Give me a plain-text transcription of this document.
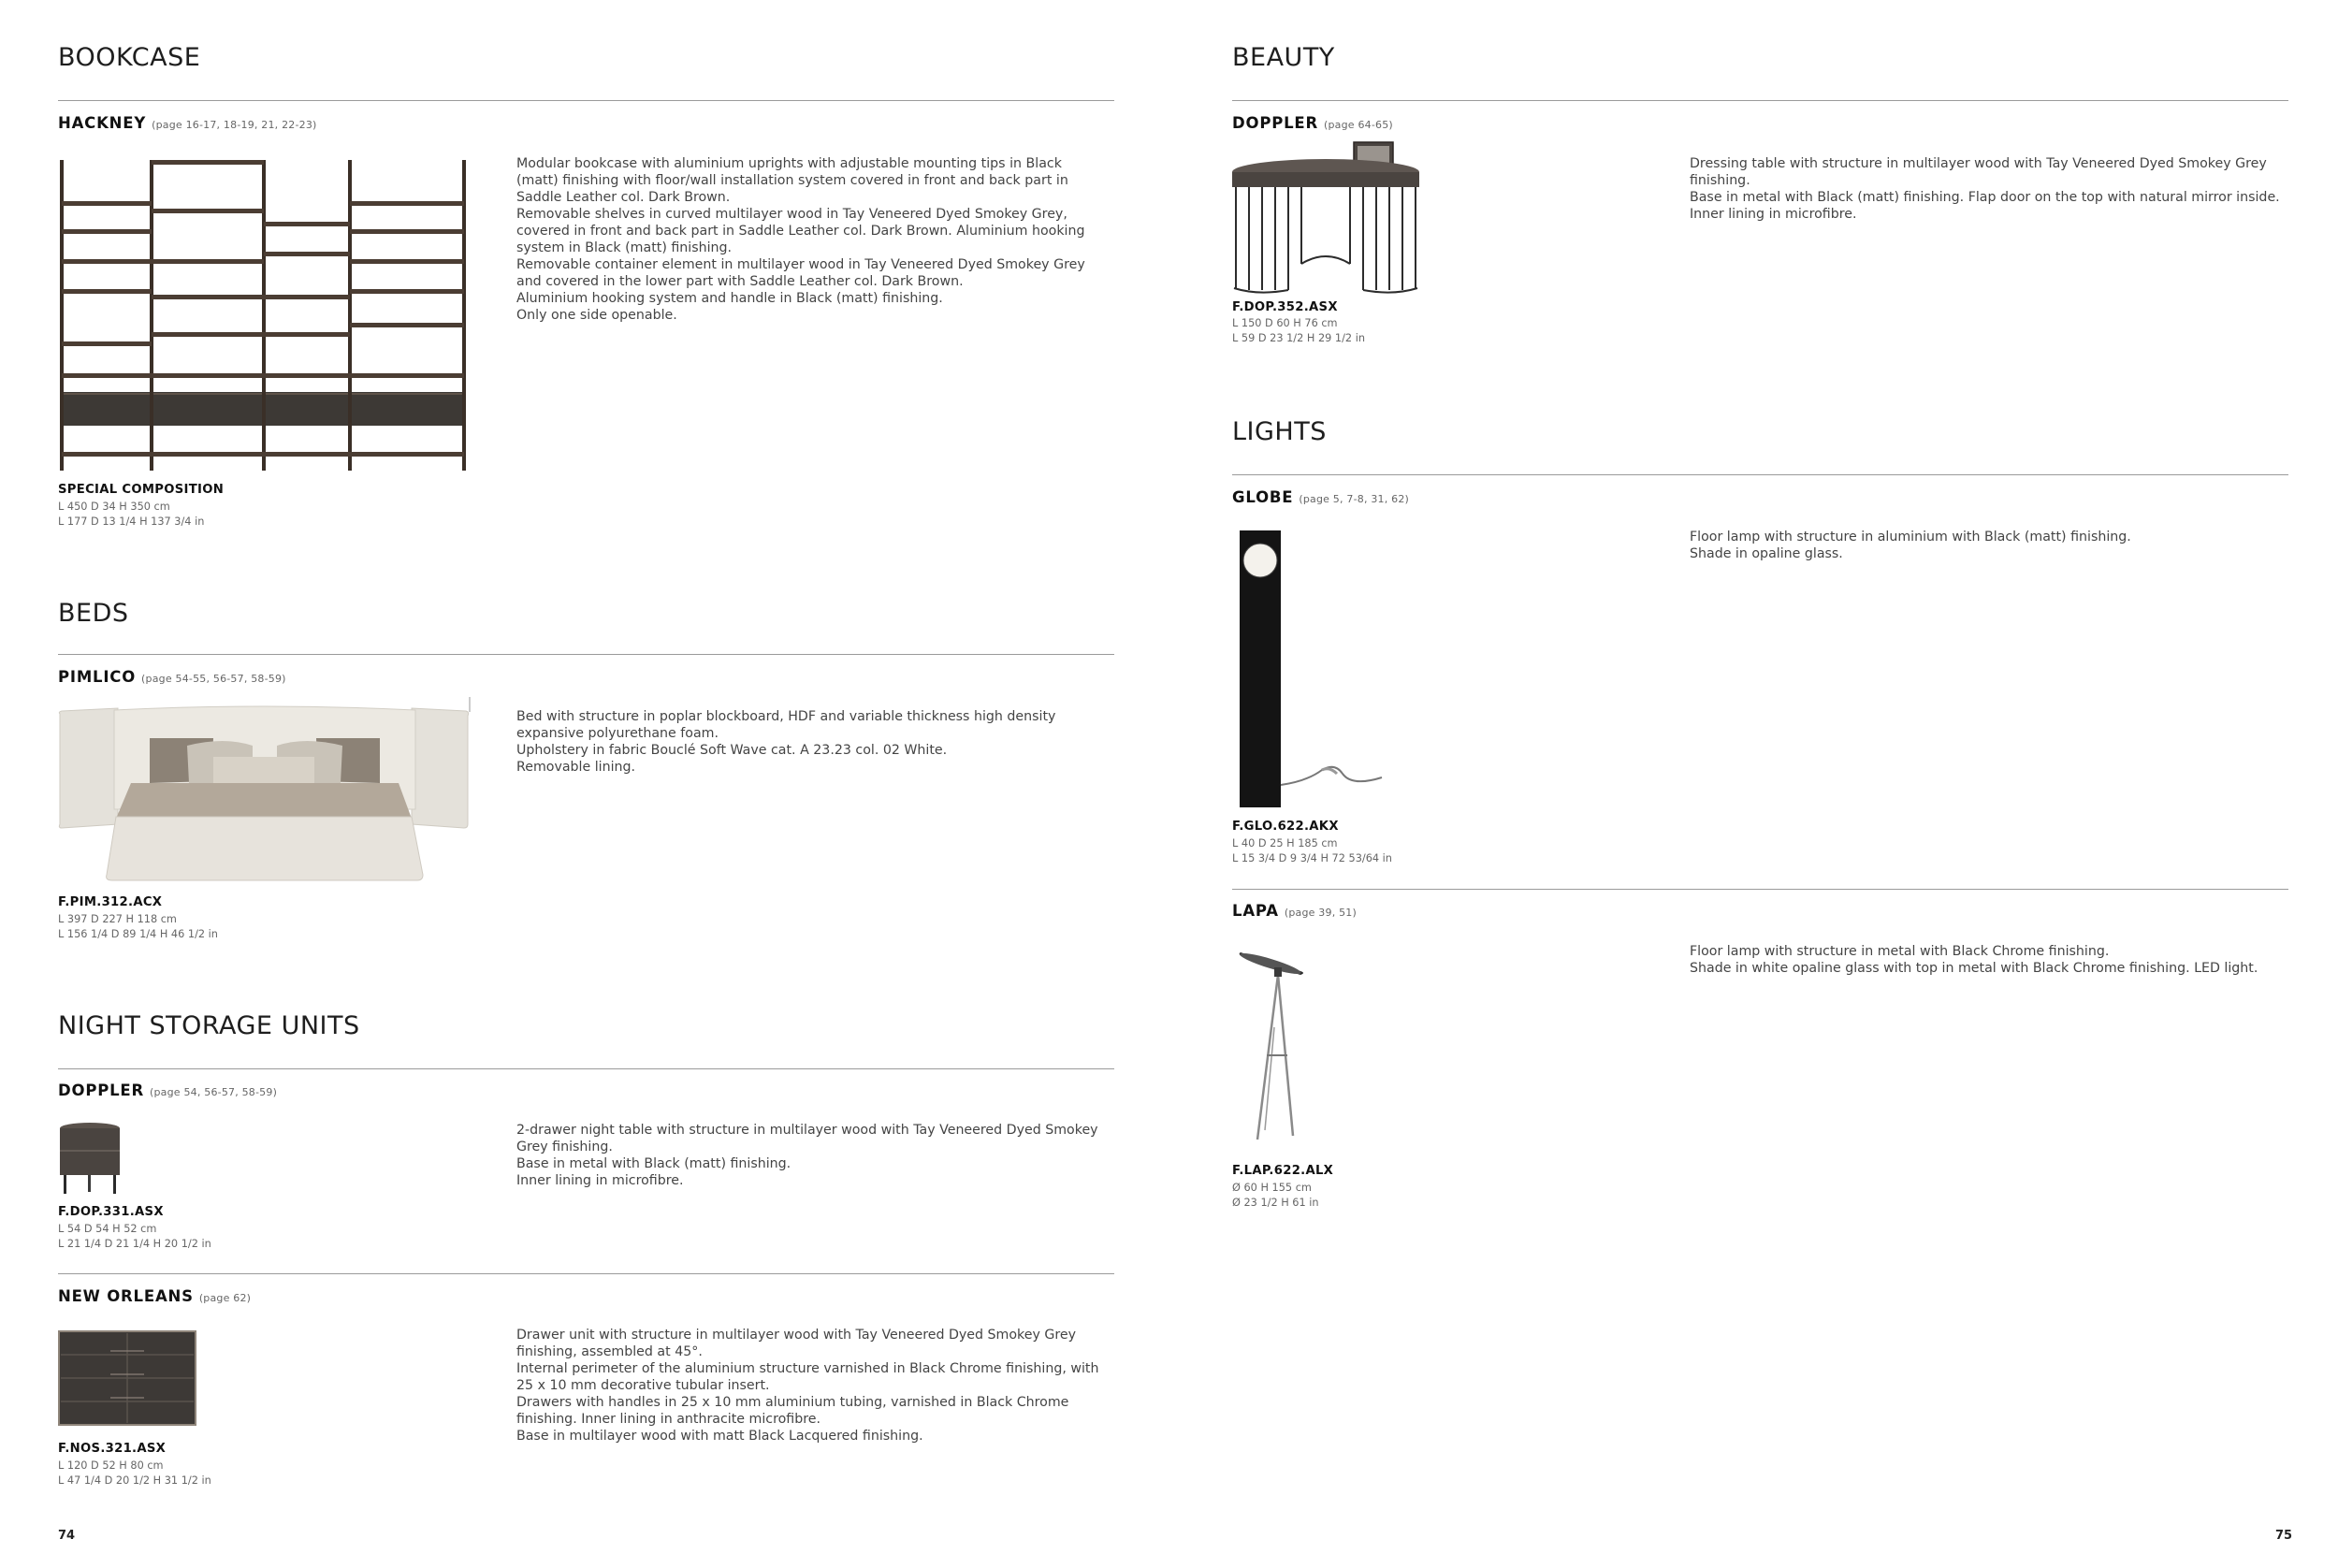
BOOKCASE
HACKNEY (page 16-17, 18-19, 21, 22-23)
Modular bookcase with aluminium uprights with adjustable mounting tips in Black (matt) finishing with floor/wall installation system covered in front and back part in Saddle Leather col. Dark Brown.
Removable shelves in curved multilayer wood in Tay Veneered Dyed Smokey Grey, covered in front and back part in Saddle Leather col. Dark Brown. Aluminium hooking system in Black (matt) finishing.
Removable container element in multilayer wood in Tay Veneered Dyed Smokey Grey and covered in the lower part with Saddle Leather col. Dark Brown.
Aluminium hooking system and handle in Black (matt) finishing.
Only one side openable.
SPECIAL COMPOSITION
L 450 D 34 H 350 cm
L 177 D 13 1/4 H 137 3/4 in
BEDS
PIMLICO (page 54-55, 56-57, 58-59)
Bed with structure in poplar blockboard, HDF and variable thickness high density expansive polyurethane foam.
Upholstery in fabric Bouclé Soft Wave cat. A 23.23 col. 02 White.
Removable lining.
F.PIM.312.ACX
L 397 D 227 H 118 cm
L 156 1/4 D 89 1/4 H 46 1/2 in
NIGHT STORAGE UNITS
DOPPLER (page 54, 56-57, 58-59)
2-drawer night table with structure in multilayer wood with Tay Veneered Dyed Smokey Grey finishing.
Base in metal with Black (matt) finishing.
Inner lining in microfibre.
F.DOP.331.ASX
L 54 D 54 H 52 cm
L 21 1/4 D 21 1/4 H 20 1/2 in
NEW ORLEANS (page 62)
Drawer unit with structure in multilayer wood with Tay Veneered Dyed Smokey Grey finishing, assembled at 45°.
Internal perimeter of the aluminium structure varnished in Black Chrome finishing, with 25 x 10 mm decorative tubular insert.
Drawers with handles in 25 x 10 mm aluminium tubing, varnished in Black Chrome finishing. Inner lining in anthracite microfibre.
Base in multilayer wood with matt Black Lacquered finishing.
F.NOS.321.ASX
L 120 D 52 H 80 cm
L 47 1/4 D 20 1/2 H 31 1/2 in
74
BEAUTY
DOPPLER (page 64-65)
Dressing table with structure in multilayer wood with Tay Veneered Dyed Smokey Grey finishing.
Base in metal with Black (matt) finishing. Flap door on the top with natural mirror inside.
Inner lining in microfibre.
F.DOP.352.ASX
L 150 D 60 H 76 cm
L 59 D 23 1/2 H 29 1/2 in
LIGHTS
GLOBE (page 5, 7-8, 31, 62)
Floor lamp with structure in aluminium with Black (matt) finishing.
Shade in opaline glass.
F.GLO.622.AKX
L 40 D 25 H 185 cm
L 15 3/4 D 9 3/4 H 72 53/64 in
LAPA (page 39, 51)
Floor lamp with structure in metal with Black Chrome finishing.
Shade in white opaline glass with top in metal with Black Chrome finishing. LED light.
F.LAP.622.ALX
Ø 60 H 155 cm
Ø 23 1/2 H 61 in
75
